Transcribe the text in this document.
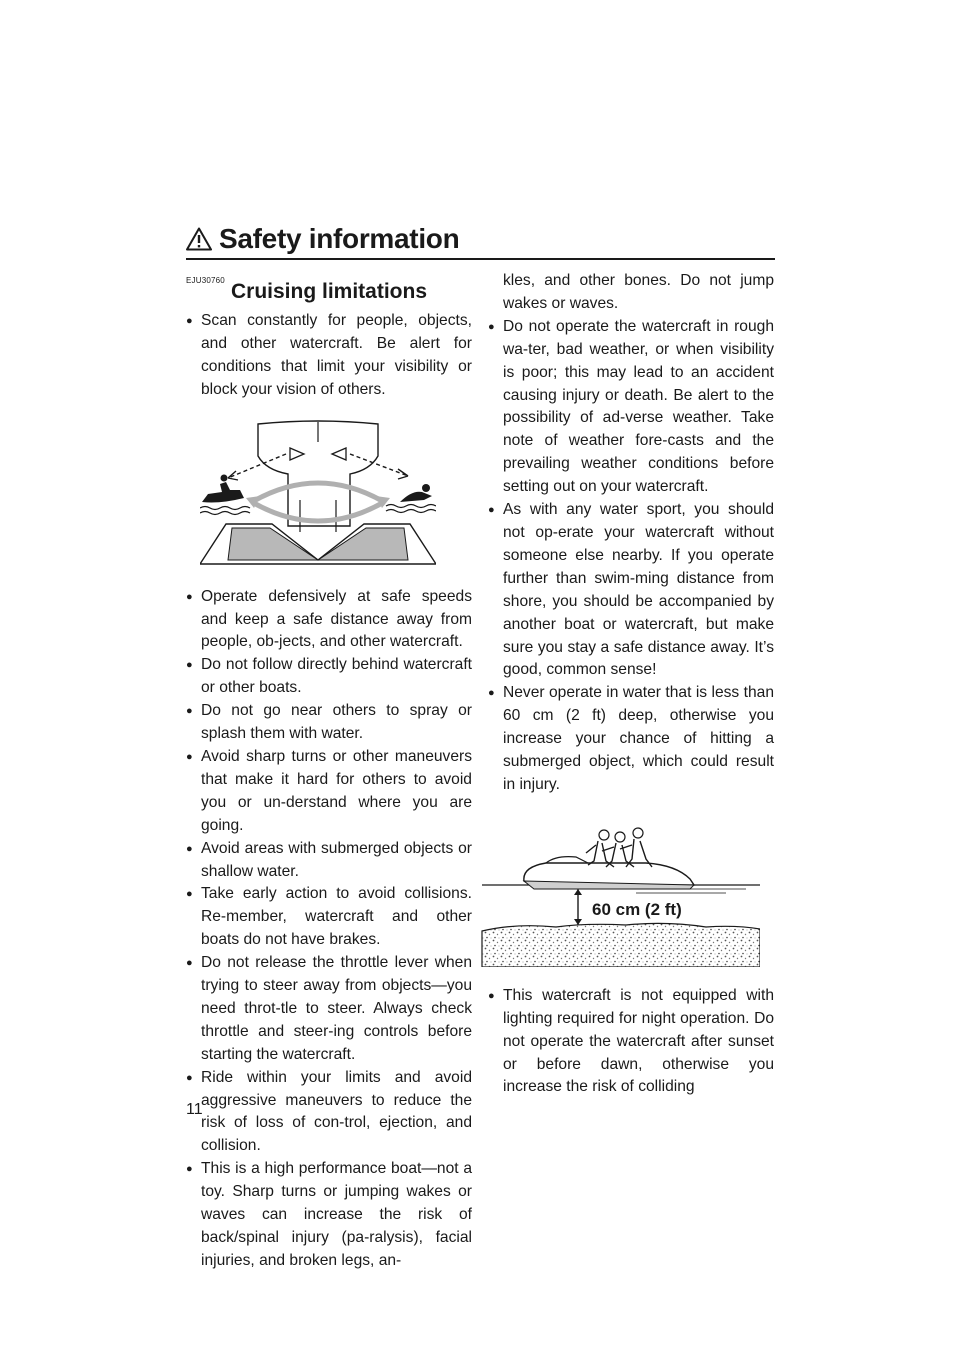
Safety information
EJU30760 Cruising limitations
● Scan constantly for people, objects, and other watercraft. Be alert for conditions that limit your visibility or block your vision of others.
● Operate defensively at safe speeds and keep a safe distance away from people, ob-jects, and other watercraft.
● Do not follow directly behind watercraft or other boats.
● Do not go near others to spray or splash them with water.
● Avoid sharp turns or other maneuvers that make it hard for others to avoid you or un-derstand where you are going.
● Avoid areas with submerged objects or shallow water.
● Take early action to avoid collisions. Re-member, watercraft and other boats do not have brakes.
● Do not release the throttle lever when trying to steer away from objects—you need throt-tle to steer. Always check throttle and steer-ing controls before starting the watercraft.
● Ride within your limits and avoid aggressive maneuvers to reduce the risk of loss of con-trol, ejection, and collision.
● This is a high performance boat—not a toy. Sharp turns or jumping wakes or waves can increase the risk of back/spinal injury (pa-ralysis), facial injuries, and broken legs, an-

kles, and other bones. Do not jump wakes or waves.

● Do not operate the watercraft in rough wa-ter, bad weather, or when visibility is poor; this may lead to an accident causing injury or death. Be alert to the possibility of ad-verse weather. Take note of weather fore-casts and the prevailing weather conditions before setting out on your watercraft.
● As with any water sport, you should not op-erate your watercraft without someone else nearby. If you operate further than swim-ming distance from shore, you should be accompanied by another boat or watercraft, but make sure you stay a safe distance away. It’s good, common sense!
● Never operate in water that is less than 60 cm (2 ft) deep, otherwise you increase your chance of hitting a submerged object, which could result in injury.
60 cm (2 ft)
● This watercraft is not equipped with lighting required for night operation. Do not operate the watercraft after sunset or before dawn, otherwise you increase the risk of colliding
11
